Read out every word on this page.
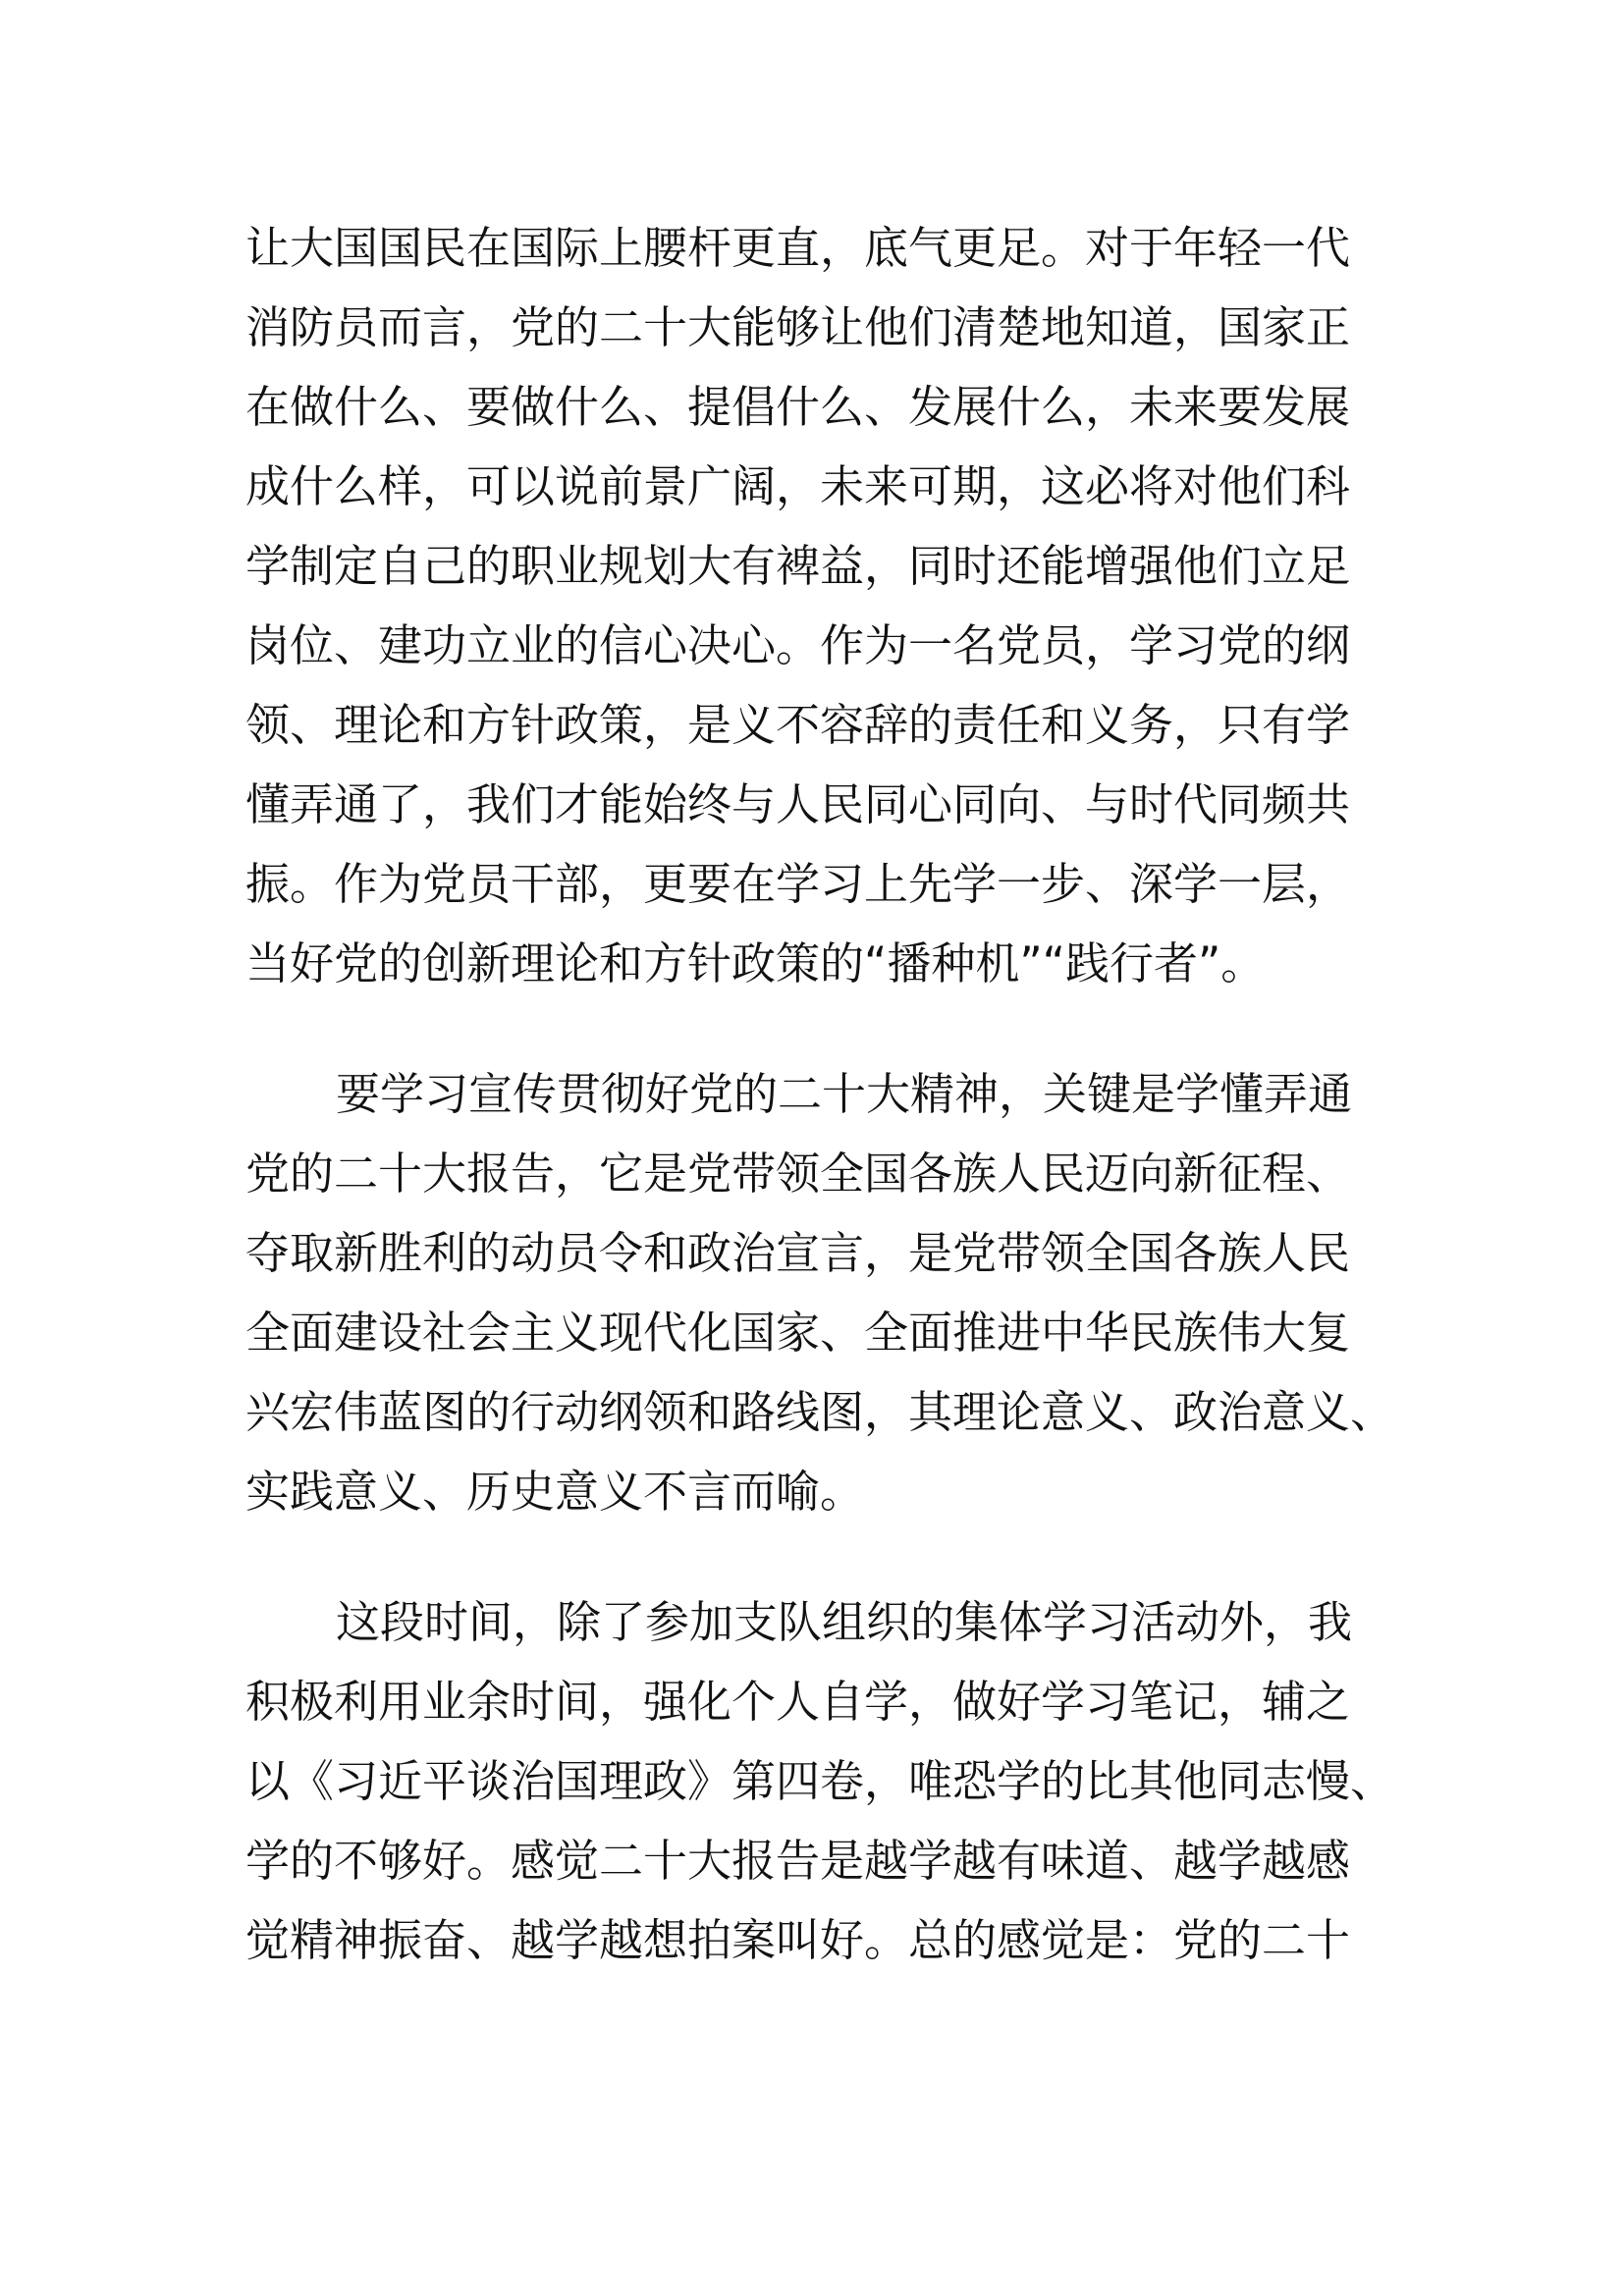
让大国国民在国际上腰杆更直，底气更足。对于年轻一代
消防员而言，党的二十大能够让他们清楚地知道，国家正
在做什么、要做什么、提倡什么、发展什么，未来要发展
成什么样，可以说前景广阔，未来可期，这必将对他们科
学制定自己的职业规划大有裨益，同时还能增强他们立足
岗位、建功立业的信心决心。作为一名党员，学习党的纲
领、理论和方针政策，是义不容辞的责任和义务，只有学
懂弄通了，我们才能始终与人民同心同向、与时代同频共
振。作为党员干部，更要在学习上先学一步、深学一层，
当好党的创新理论和方针政策的“播种机”“践行者”。
要学习宣传贯彻好党的二十大精神，关键是学懂弄通
党的二十大报告，它是党带领全国各族人民迈向新征程、
夺取新胜利的动员令和政治宣言，是党带领全国各族人民
全面建设社会主义现代化国家、全面推进中华民族伟大复
兴宏伟蓝图的行动纲领和路线图，其理论意义、政治意义、
实践意义、历史意义不言而喻。
这段时间，除了参加支队组织的集体学习活动外，我
积极利用业余时间，强化个人自学，做好学习笔记，辅之
以《习近平谈治国理政》第四卷，唯恐学的比其他同志慢、
学的不够好。感觉二十大报告是越学越有味道、越学越感
觉精神振奋、越学越想拍案叫好。总的感觉是：党的二十
